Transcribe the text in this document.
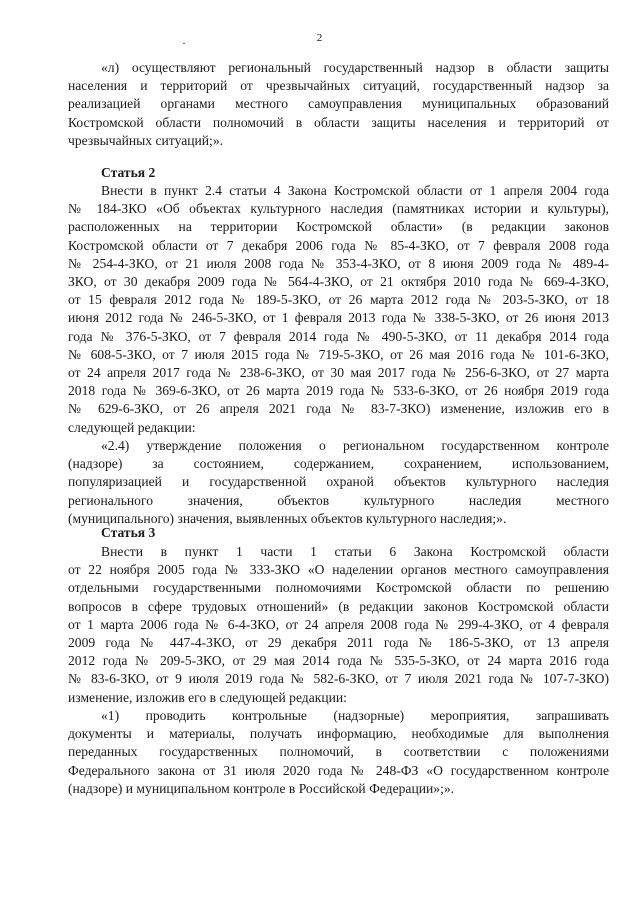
2
·

«л) осуществляют региональный государственный надзор в области защиты

населения и территорий от чрезвычайных ситуаций, государственный надзор за

реализацией органами местного самоуправления муниципальных образований

Костромской области полномочий в области защиты населения и территорий от

чрезвычайных ситуаций;».

Статья 2

Внести в пункт 2.4 статьи 4 Закона Костромской области от 1 апреля 2004 года

№ 184-ЗКО «Об объектах культурного наследия (памятниках истории и культуры),

расположенных на территории Костромской области» (в редакции законов

Костромской области от 7 декабря 2006 года № 85-4-ЗКО, от 7 февраля 2008 года

№ 254-4-ЗКО, от 21 июля 2008 года № 353-4-ЗКО, от 8 июня 2009 года № 489-4-

ЗКО, от 30 декабря 2009 года № 564-4-ЗКО, от 21 октября 2010 года № 669-4-ЗКО,

от 15 февраля 2012 года № 189-5-ЗКО, от 26 марта 2012 года № 203-5-ЗКО, от 18

июня 2012 года № 246-5-ЗКО, от 1 февраля 2013 года № 338-5-ЗКО, от 26 июня 2013

года № 376-5-ЗКО, от 7 февраля 2014 года № 490-5-ЗКО, от 11 декабря 2014 года

№ 608-5-ЗКО, от 7 июля 2015 года № 719-5-ЗКО, от 26 мая 2016 года № 101-6-ЗКО,

от 24 апреля 2017 года № 238-6-ЗКО, от 30 мая 2017 года № 256-6-ЗКО, от 27 марта

2018 года № 369-6-ЗКО, от 26 марта 2019 года № 533-6-ЗКО, от 26 ноября 2019 года

№ 629-6-ЗКО, от 26 апреля 2021 года № 83-7-ЗКО) изменение, изложив его в

следующей редакции:

«2.4) утверждение положения о региональном государственном контроле

(надзоре) за состоянием, содержанием, сохранением, использованием,

популяризацией и государственной охраной объектов культурного наследия

регионального значения, объектов культурного наследия местного

(муниципального) значения, выявленных объектов культурного наследия;».

Статья 3

Внести в пункт 1 части 1 статьи 6 Закона Костромской области

от 22 ноября 2005 года № 333-ЗКО «О наделении органов местного самоуправления

отдельными государственными полномочиями Костромской области по решению

вопросов в сфере трудовых отношений» (в редакции законов Костромской области

от 1 марта 2006 года № 6-4-ЗКО, от 24 апреля 2008 года № 299-4-ЗКО, от 4 февраля

2009 года № 447-4-ЗКО, от 29 декабря 2011 года № 186-5-ЗКО, от 13 апреля

2012 года № 209-5-ЗКО, от 29 мая 2014 года № 535-5-ЗКО, от 24 марта 2016 года

№ 83-6-ЗКО, от 9 июля 2019 года № 582-6-ЗКО, от 7 июля 2021 года № 107-7-ЗКО)

изменение, изложив его в следующей редакции:

«1) проводить контрольные (надзорные) мероприятия, запрашивать

документы и материалы, получать информацию, необходимые для выполнения

переданных государственных полномочий, в соответствии с положениями

Федерального закона от 31 июля 2020 года № 248-ФЗ «О государственном контроле

(надзоре) и муниципальном контроле в Российской Федерации»;».
